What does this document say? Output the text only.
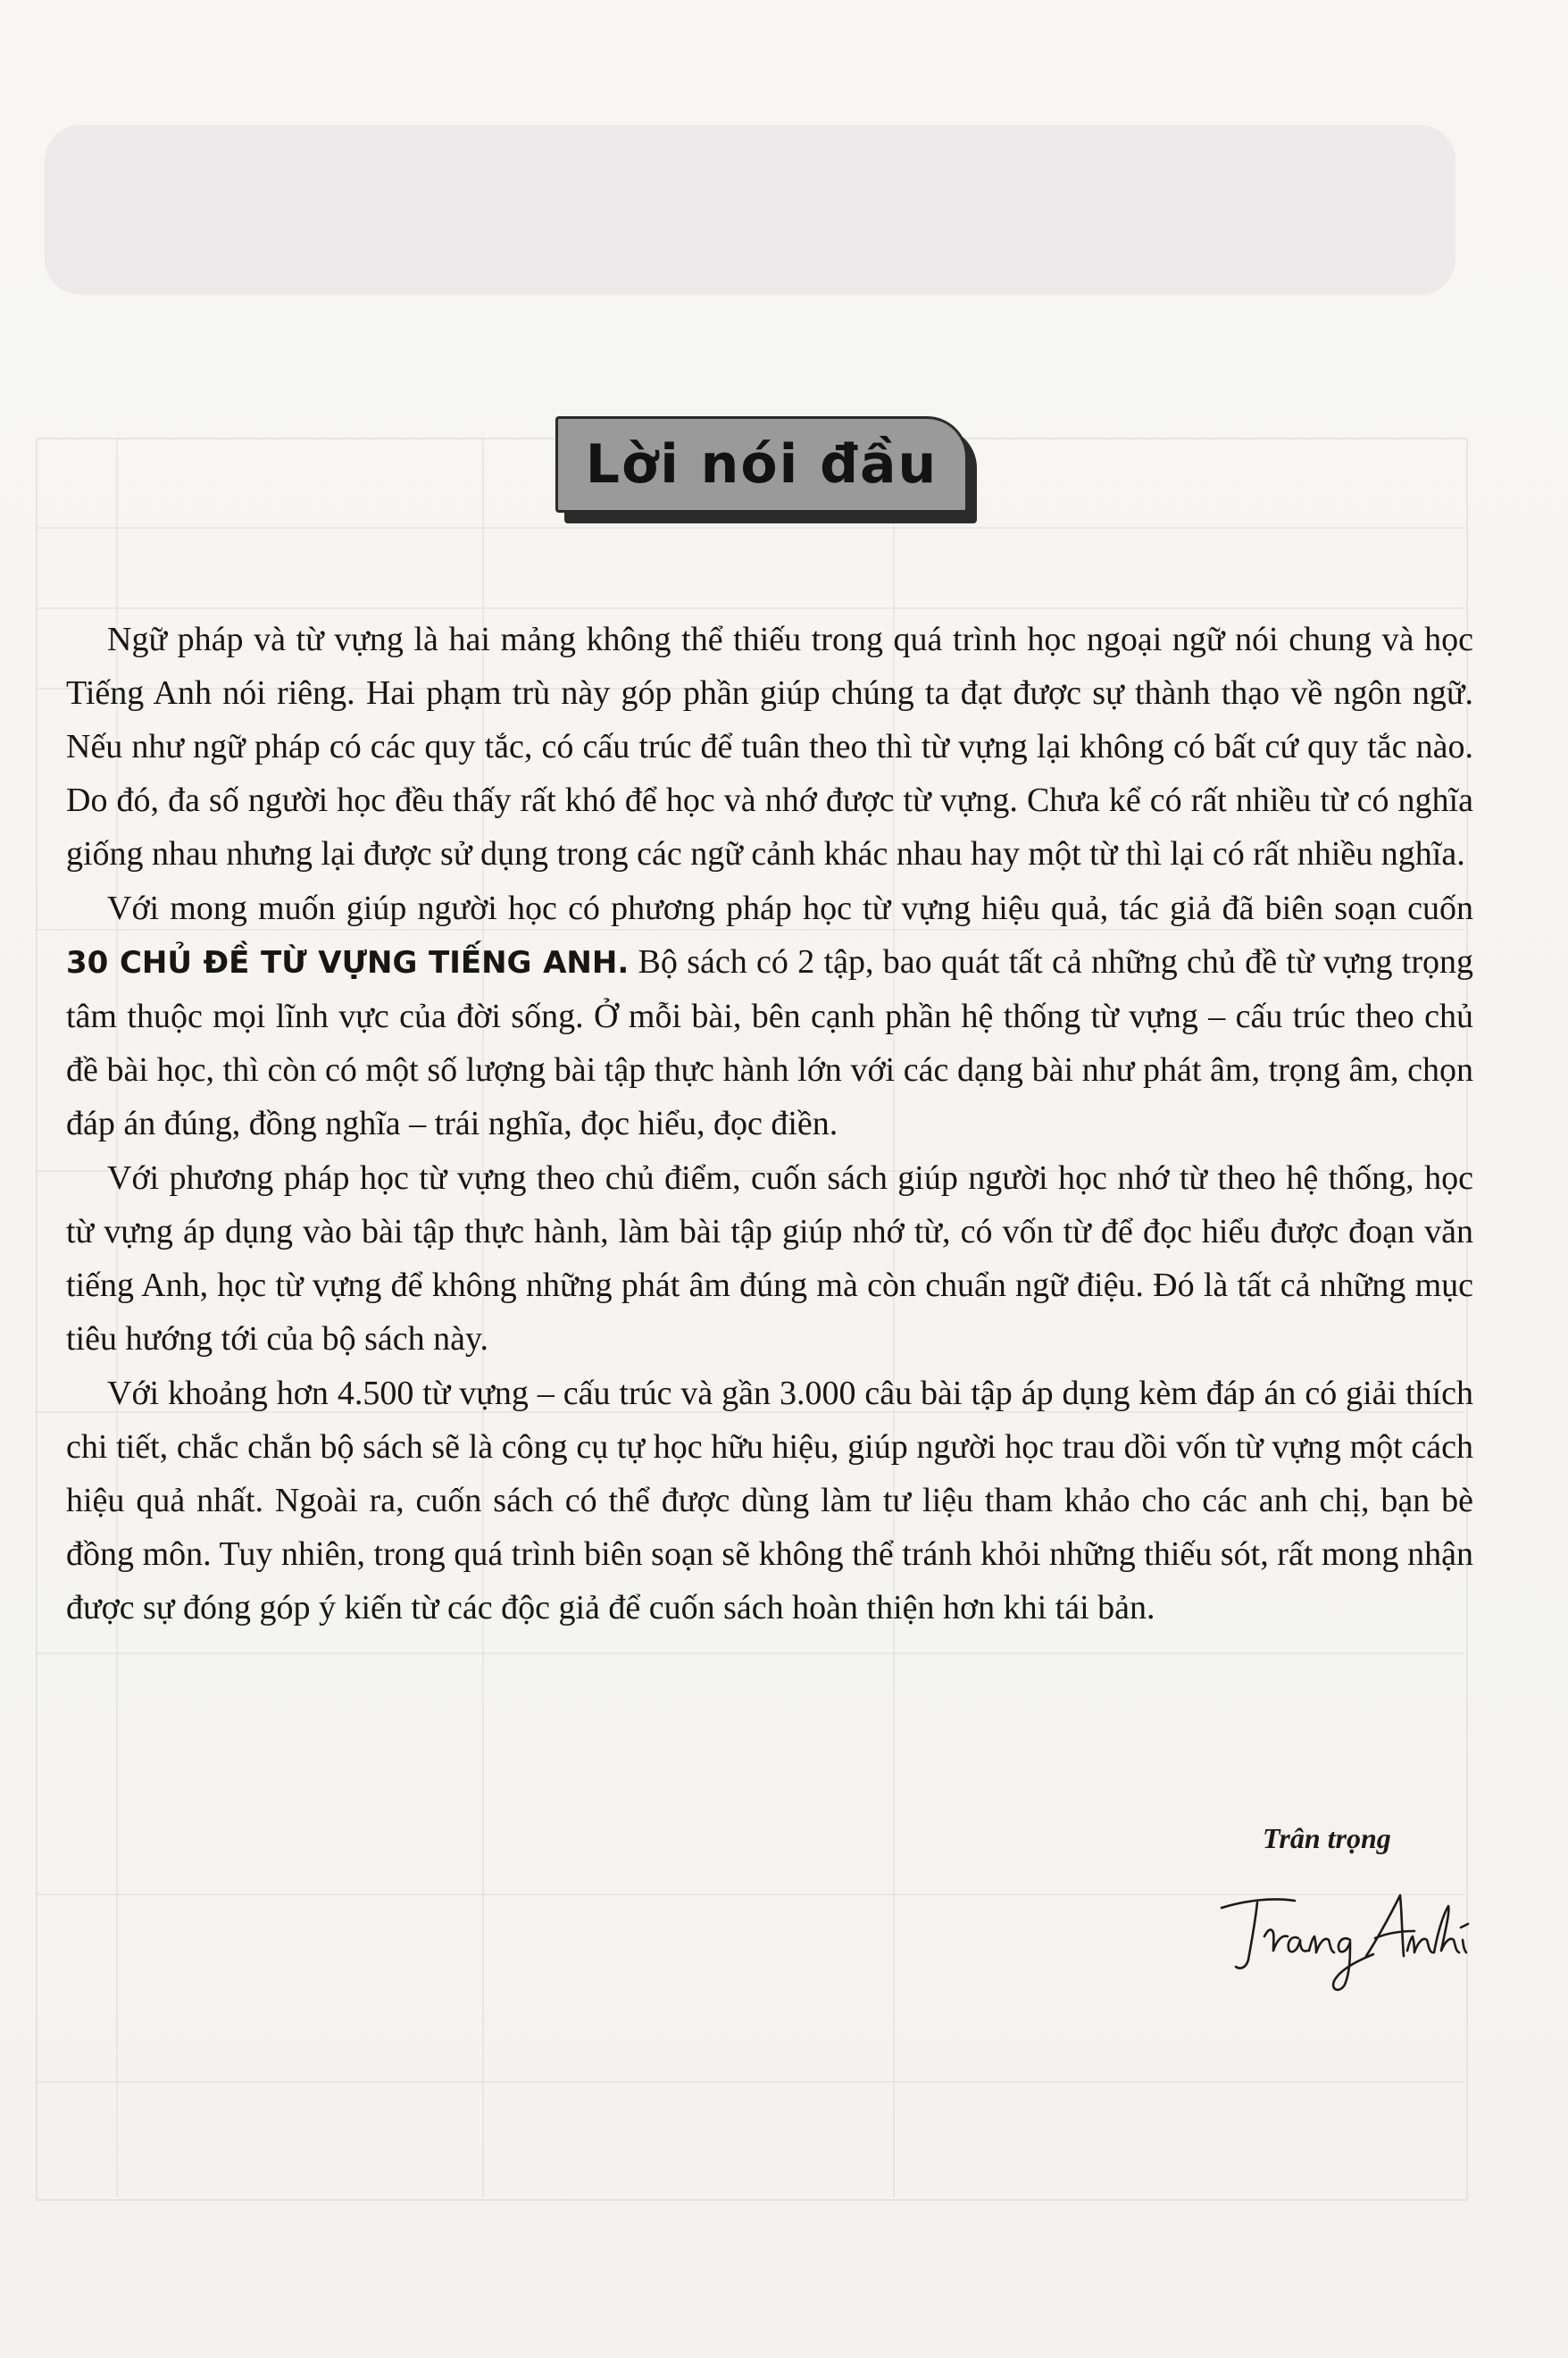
Lời nói đầu

Ngữ pháp và từ vựng là hai mảng không thể thiếu trong quá trình học ngoại ngữ nói chung và học Tiếng Anh nói riêng. Hai phạm trù này góp phần giúp chúng ta đạt được sự thành thạo về ngôn ngữ. Nếu như ngữ pháp có các quy tắc, có cấu trúc để tuân theo thì từ vựng lại không có bất cứ quy tắc nào. Do đó, đa số người học đều thấy rất khó để học và nhớ được từ vựng. Chưa kể có rất nhiều từ có nghĩa giống nhau nhưng lại được sử dụng trong các ngữ cảnh khác nhau hay một từ thì lại có rất nhiều nghĩa.

Với mong muốn giúp người học có phương pháp học từ vựng hiệu quả, tác giả đã biên soạn cuốn 30 CHỦ ĐỀ TỪ VỰNG TIẾNG ANH. Bộ sách có 2 tập, bao quát tất cả những chủ đề từ vựng trọng tâm thuộc mọi lĩnh vực của đời sống. Ở mỗi bài, bên cạnh phần hệ thống từ vựng – cấu trúc theo chủ đề bài học, thì còn có một số lượng bài tập thực hành lớn với các dạng bài như phát âm, trọng âm, chọn đáp án đúng, đồng nghĩa – trái nghĩa, đọc hiểu, đọc điền.

Với phương pháp học từ vựng theo chủ điểm, cuốn sách giúp người học nhớ từ theo hệ thống, học từ vựng áp dụng vào bài tập thực hành, làm bài tập giúp nhớ từ, có vốn từ để đọc hiểu được đoạn văn tiếng Anh, học từ vựng để không những phát âm đúng mà còn chuẩn ngữ điệu. Đó là tất cả những mục tiêu hướng tới của bộ sách này.

Với khoảng hơn 4.500 từ vựng – cấu trúc và gần 3.000 câu bài tập áp dụng kèm đáp án có giải thích chi tiết, chắc chắn bộ sách sẽ là công cụ tự học hữu hiệu, giúp người học trau dồi vốn từ vựng một cách hiệu quả nhất. Ngoài ra, cuốn sách có thể được dùng làm tư liệu tham khảo cho các anh chị, bạn bè đồng môn. Tuy nhiên, trong quá trình biên soạn sẽ không thể tránh khỏi những thiếu sót, rất mong nhận được sự đóng góp ý kiến từ các độc giả để cuốn sách hoàn thiện hơn khi tái bản.

Trân trọng
